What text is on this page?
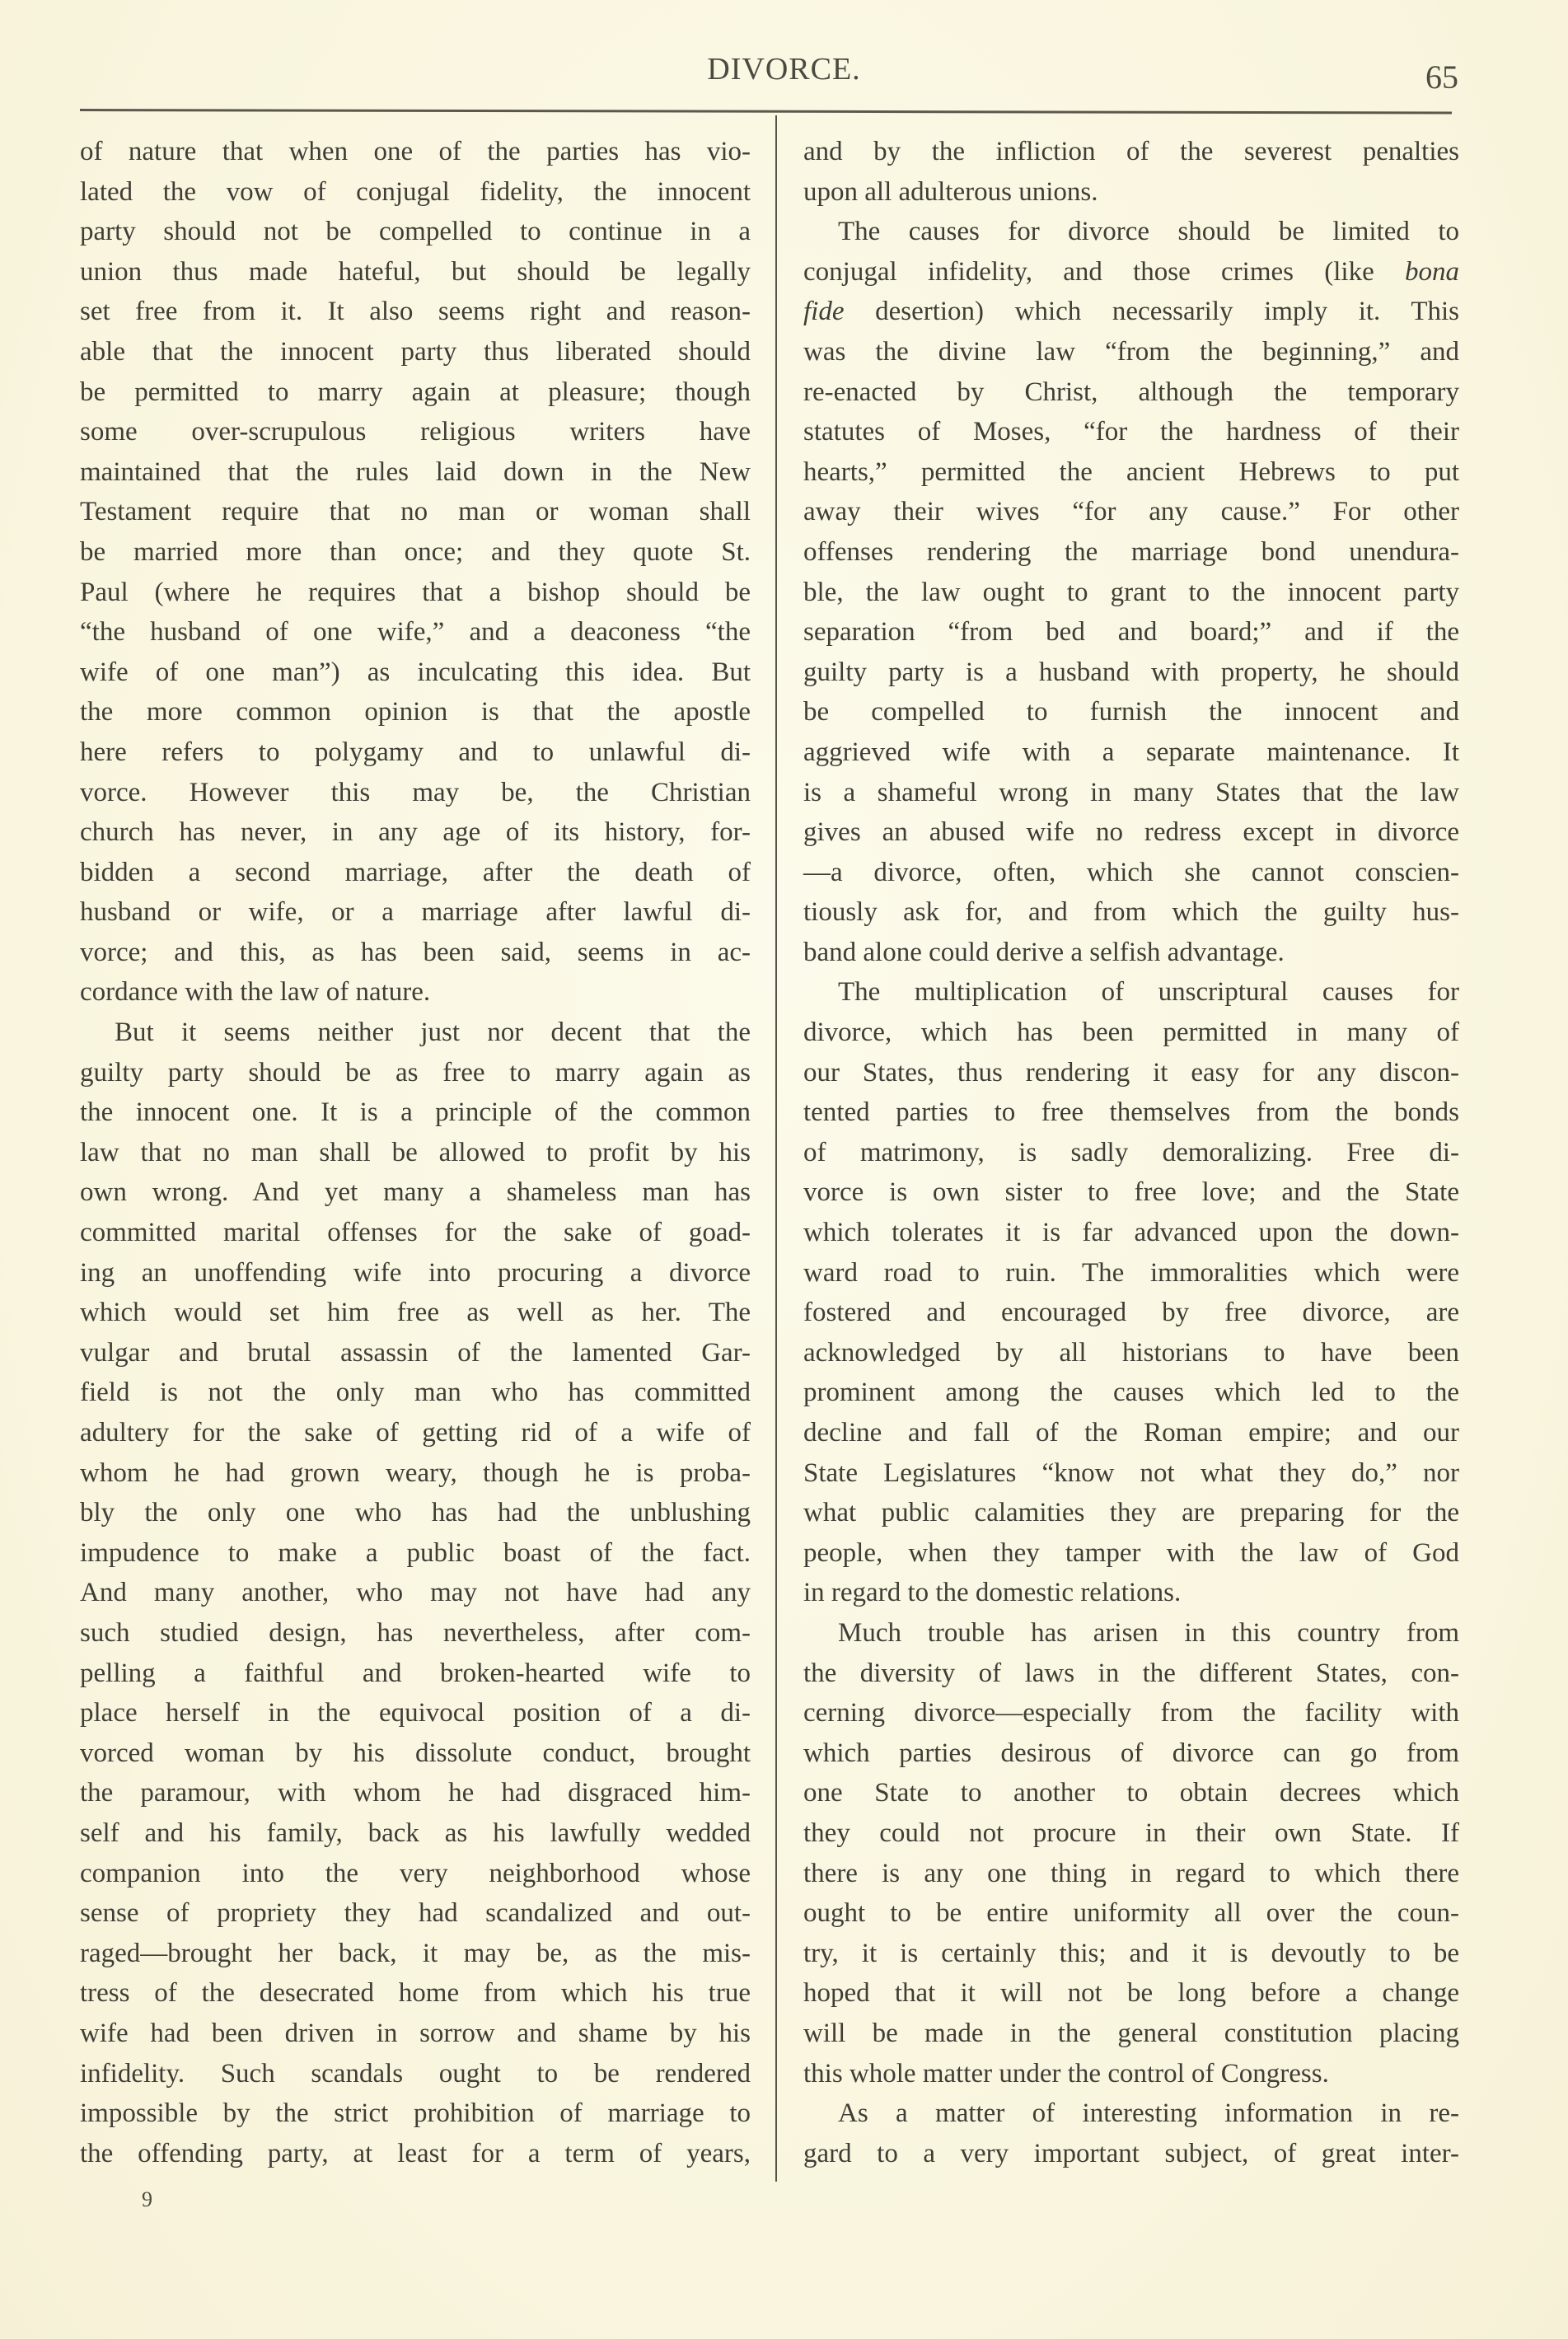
DIVORCE.	65
of nature that when one of the parties has vio-
lated the vow of conjugal fidelity, the innocent
party should not be compelled to continue in a
union thus made hateful, but should be legally
set free from it. It also seems right and reason-
able that the innocent party thus liberated should
be permitted to marry again at pleasure; though
some over-scrupulous religious writers have
maintained that the rules laid down in the New
Testament require that no man or woman shall
be married more than once; and they quote St.
Paul (where he requires that a bishop should be
“the husband of one wife,” and a deaconess “the
wife of one man”) as inculcating this idea. But
the more common opinion is that the apostle
here refers to polygamy and to unlawful di-
vorce. However this may be, the Christian
church has never, in any age of its history, for-
bidden a second marriage, after the death of
husband or wife, or a marriage after lawful di-
vorce; and this, as has been said, seems in ac-
cordance with the law of nature.
But it seems neither just nor decent that the
guilty party should be as free to marry again as
the innocent one. It is a principle of the common
law that no man shall be allowed to profit by his
own wrong. And yet many a shameless man has
committed marital offenses for the sake of goad-
ing an unoffending wife into procuring a divorce
which would set him free as well as her. The
vulgar and brutal assassin of the lamented Gar-
field is not the only man who has committed
adultery for the sake of getting rid of a wife of
whom he had grown weary, though he is proba-
bly the only one who has had the unblushing
impudence to make a public boast of the fact.
And many another, who may not have had any
such studied design, has nevertheless, after com-
pelling a faithful and broken-hearted wife to
place herself in the equivocal position of a di-
vorced woman by his dissolute conduct, brought
the paramour, with whom he had disgraced him-
self and his family, back as his lawfully wedded
companion into the very neighborhood whose
sense of propriety they had scandalized and out-
raged—brought her back, it may be, as the mis-
tress of the desecrated home from which his true
wife had been driven in sorrow and shame by his
infidelity. Such scandals ought to be rendered
impossible by the strict prohibition of marriage to
the offending party, at least for a term of years,
and by the infliction of the severest penalties
upon all adulterous unions.
The causes for divorce should be limited to
conjugal infidelity, and those crimes (like bona
fide desertion) which necessarily imply it. This
was the divine law “from the beginning,” and
re-enacted by Christ, although the temporary
statutes of Moses, “for the hardness of their
hearts,” permitted the ancient Hebrews to put
away their wives “for any cause.” For other
offenses rendering the marriage bond unendura-
ble, the law ought to grant to the innocent party
separation “from bed and board;” and if the
guilty party is a husband with property, he should
be compelled to furnish the innocent and
aggrieved wife with a separate maintenance. It
is a shameful wrong in many States that the law
gives an abused wife no redress except in divorce
—a divorce, often, which she cannot conscien-
tiously ask for, and from which the guilty hus-
band alone could derive a selfish advantage.
The multiplication of unscriptural causes for
divorce, which has been permitted in many of
our States, thus rendering it easy for any discon-
tented parties to free themselves from the bonds
of matrimony, is sadly demoralizing. Free di-
vorce is own sister to free love; and the State
which tolerates it is far advanced upon the down-
ward road to ruin. The immoralities which were
fostered and encouraged by free divorce, are
acknowledged by all historians to have been
prominent among the causes which led to the
decline and fall of the Roman empire; and our
State Legislatures “know not what they do,” nor
what public calamities they are preparing for the
people, when they tamper with the law of God
in regard to the domestic relations.
Much trouble has arisen in this country from
the diversity of laws in the different States, con-
cerning divorce—especially from the facility with
which parties desirous of divorce can go from
one State to another to obtain decrees which
they could not procure in their own State. If
there is any one thing in regard to which there
ought to be entire uniformity all over the coun-
try, it is certainly this; and it is devoutly to be
hoped that it will not be long before a change
will be made in the general constitution placing
this whole matter under the control of Congress.
As a matter of interesting information in re-
gard to a very important subject, of great inter-
9
